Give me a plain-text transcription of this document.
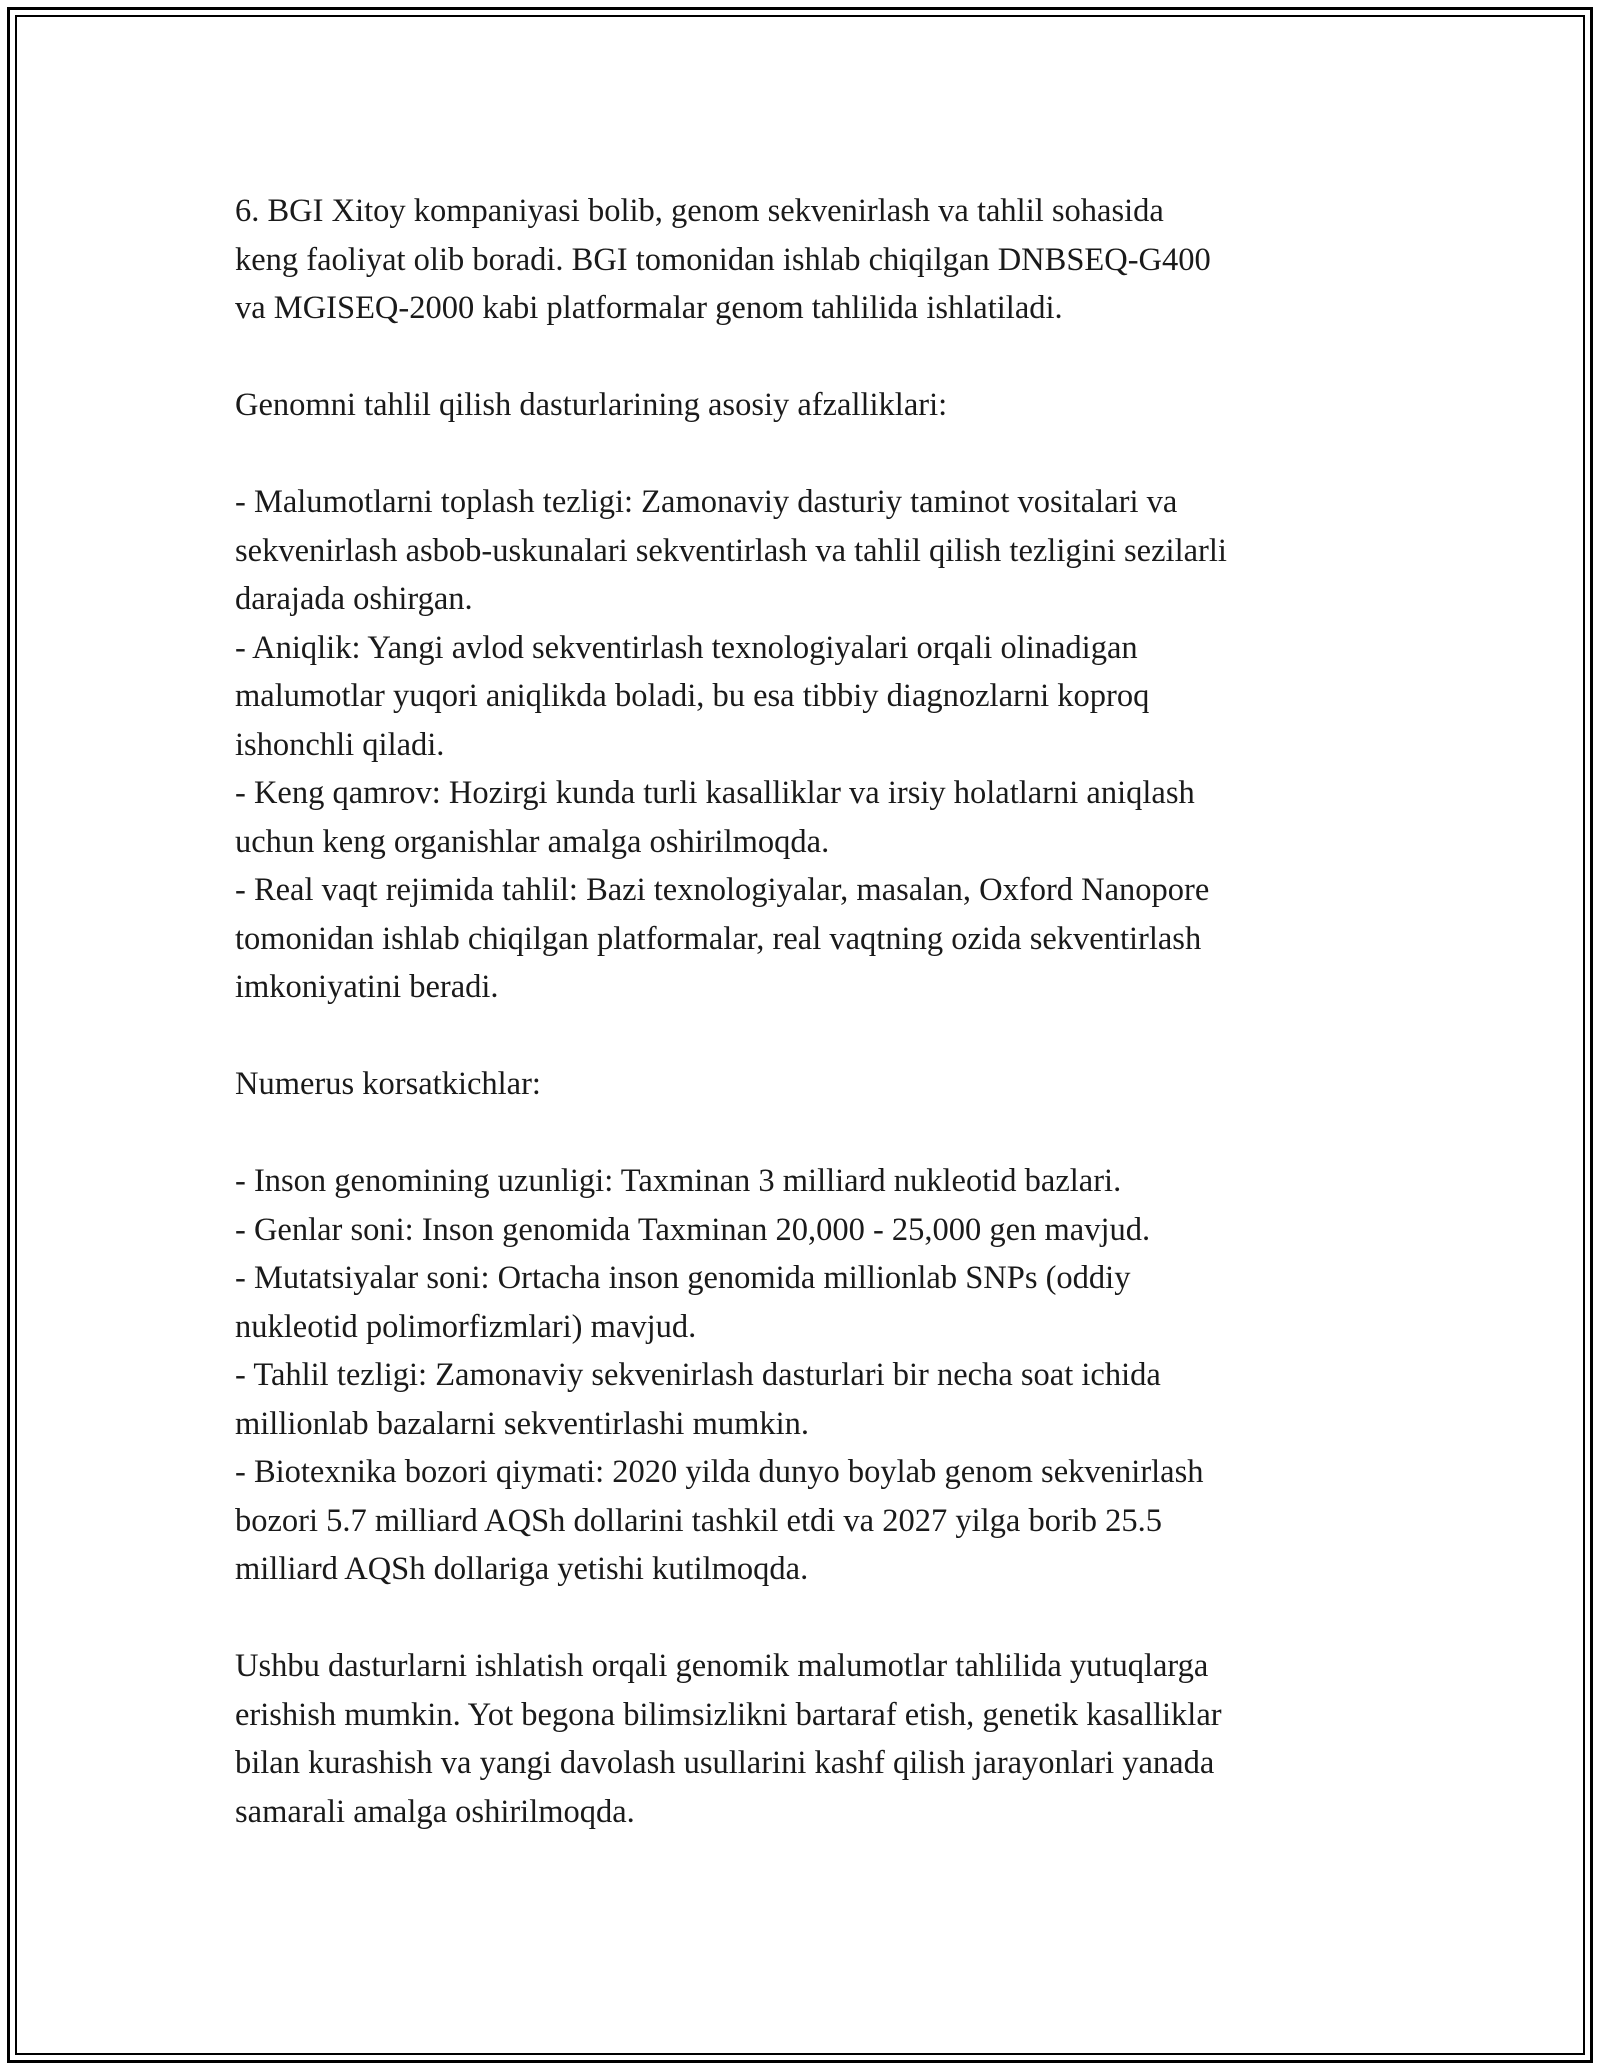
6. BGI Xitoy kompaniyasi bolib, genom sekvenirlash va tahlil sohasida
keng faoliyat olib boradi. BGI tomonidan ishlab chiqilgan DNBSEQ-G400
va MGISEQ-2000 kabi platformalar genom tahlilida ishlatiladi.

Genomni tahlil qilish dasturlarining asosiy afzalliklari:

- Malumotlarni toplash tezligi: Zamonaviy dasturiy taminot vositalari va
sekvenirlash asbob-uskunalari sekventirlash va tahlil qilish tezligini sezilarli
darajada oshirgan.

- Aniqlik: Yangi avlod sekventirlash texnologiyalari orqali olinadigan
malumotlar yuqori aniqlikda boladi, bu esa tibbiy diagnozlarni koproq
ishonchli qiladi.

- Keng qamrov: Hozirgi kunda turli kasalliklar va irsiy holatlarni aniqlash
uchun keng organishlar amalga oshirilmoqda.

- Real vaqt rejimida tahlil: Bazi texnologiyalar, masalan, Oxford Nanopore
tomonidan ishlab chiqilgan platformalar, real vaqtning ozida sekventirlash
imkoniyatini beradi.

Numerus korsatkichlar:

- Inson genomining uzunligi: Taxminan 3 milliard nukleotid bazlari.

- Genlar soni: Inson genomida Taxminan 20,000 - 25,000 gen mavjud.

- Mutatsiyalar soni: Ortacha inson genomida millionlab SNPs (oddiy
nukleotid polimorfizmlari) mavjud.

- Tahlil tezligi: Zamonaviy sekvenirlash dasturlari bir necha soat ichida
millionlab bazalarni sekventirlashi mumkin.

- Biotexnika bozori qiymati: 2020 yilda dunyo boylab genom sekvenirlash
bozori 5.7 milliard AQSh dollarini tashkil etdi va 2027 yilga borib 25.5
milliard AQSh dollariga yetishi kutilmoqda.

Ushbu dasturlarni ishlatish orqali genomik malumotlar tahlilida yutuqlarga
erishish mumkin. Yot begona bilimsizlikni bartaraf etish, genetik kasalliklar
bilan kurashish va yangi davolash usullarini kashf qilish jarayonlari yanada
samarali amalga oshirilmoqda.
